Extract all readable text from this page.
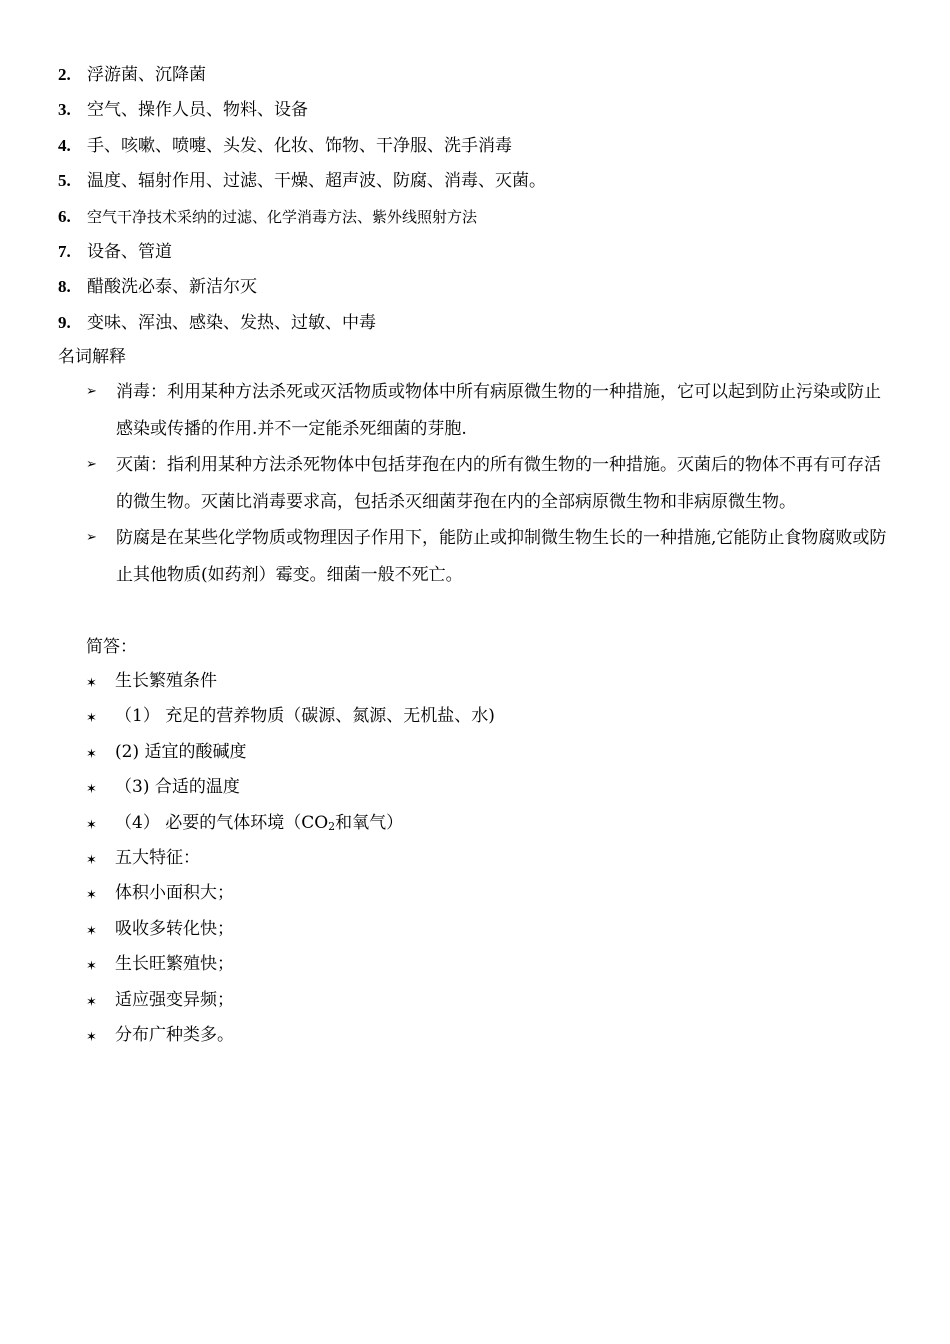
2. 浮游菌、沉降菌
3. 空气、操作人员、物料、设备
4. 手、咳嗽、喷嚏、头发、化妆、饰物、干净服、洗手消毒
5. 温度、辐射作用、过滤、干燥、超声波、防腐、消毒、灭菌。
6. 空气干净技术采纳的过滤、化学消毒方法、紫外线照射方法
7. 设备、管道
8. 醋酸洗必泰、新洁尔灭
9. 变味、浑浊、感染、发热、过敏、中毒
名词解释
➢ 消毒：利用某种方法杀死或灭活物质或物体中所有病原微生物的一种措施，它可以起到防止污染或防止感染或传播的作用.并不一定能杀死细菌的芽胞.
➢ 灭菌：指利用某种方法杀死物体中包括芽孢在内的所有微生物的一种措施。灭菌后的物体不再有可存活的微生物。灭菌比消毒要求高，包括杀灭细菌芽孢在内的全部病原微生物和非病原微生物。
➢ 防腐是在某些化学物质或物理因子作用下，能防止或抑制微生物生长的一种措施,它能防止食物腐败或防止其他物质(如药剂）霉变。细菌一般不死亡。
简答：
✶ 生长繁殖条件
✶ （1） 充足的营养物质（碳源、氮源、无机盐、水)
✶ (2) 适宜的酸碱度
✶ （3) 合适的温度
✶ （4） 必要的气体环境（$CO_2$和氧气）
✶ 五大特征：
✶ 体积小面积大；
✶ 吸收多转化快；
✶ 生长旺繁殖快；
✶ 适应强变异频；
✶ 分布广种类多。
